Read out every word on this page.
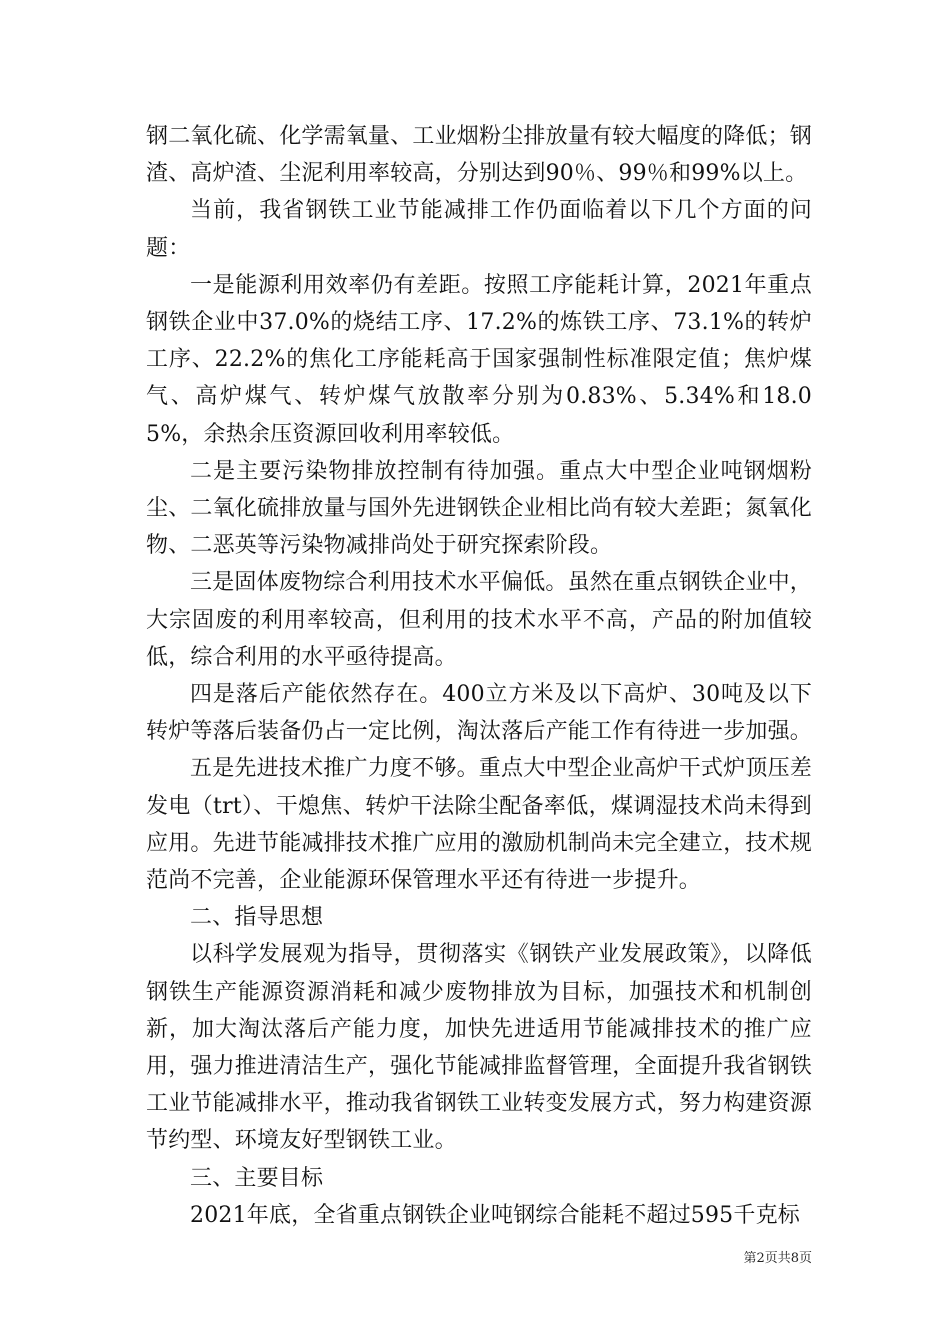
钢二氧化硫、化学需氧量、工业烟粉尘排放量有较大幅度的降低；钢渣、高炉渣、尘泥利用率较高，分别达到90％、99％和99%以上。

当前，我省钢铁工业节能减排工作仍面临着以下几个方面的问题：

一是能源利用效率仍有差距。按照工序能耗计算，2021年重点钢铁企业中37.0%的烧结工序、17.2%的炼铁工序、73.1%的转炉工序、22.2%的焦化工序能耗高于国家强制性标准限定值；焦炉煤气、高炉煤气、转炉煤气放散率分别为0.83%、5.34%和18.05%，余热余压资源回收利用率较低。

二是主要污染物排放控制有待加强。重点大中型企业吨钢烟粉尘、二氧化硫排放量与国外先进钢铁企业相比尚有较大差距；氮氧化物、二恶英等污染物减排尚处于研究探索阶段。

三是固体废物综合利用技术水平偏低。虽然在重点钢铁企业中，大宗固废的利用率较高，但利用的技术水平不高，产品的附加值较低，综合利用的水平亟待提高。

四是落后产能依然存在。400立方米及以下高炉、30吨及以下转炉等落后装备仍占一定比例，淘汰落后产能工作有待进一步加强。

五是先进技术推广力度不够。重点大中型企业高炉干式炉顶压差发电（trt）、干熄焦、转炉干法除尘配备率低，煤调湿技术尚未得到应用。先进节能减排技术推广应用的激励机制尚未完全建立，技术规范尚不完善，企业能源环保管理水平还有待进一步提升。

二、指导思想

以科学发展观为指导，贯彻落实《钢铁产业发展政策》，以降低钢铁生产能源资源消耗和减少废物排放为目标，加强技术和机制创新，加大淘汰落后产能力度，加快先进适用节能减排技术的推广应用，强力推进清洁生产，强化节能减排监督管理，全面提升我省钢铁工业节能减排水平，推动我省钢铁工业转变发展方式，努力构建资源节约型、环境友好型钢铁工业。

三、主要目标

2021年底，全省重点钢铁企业吨钢综合能耗不超过595千克标

第2页共8页
